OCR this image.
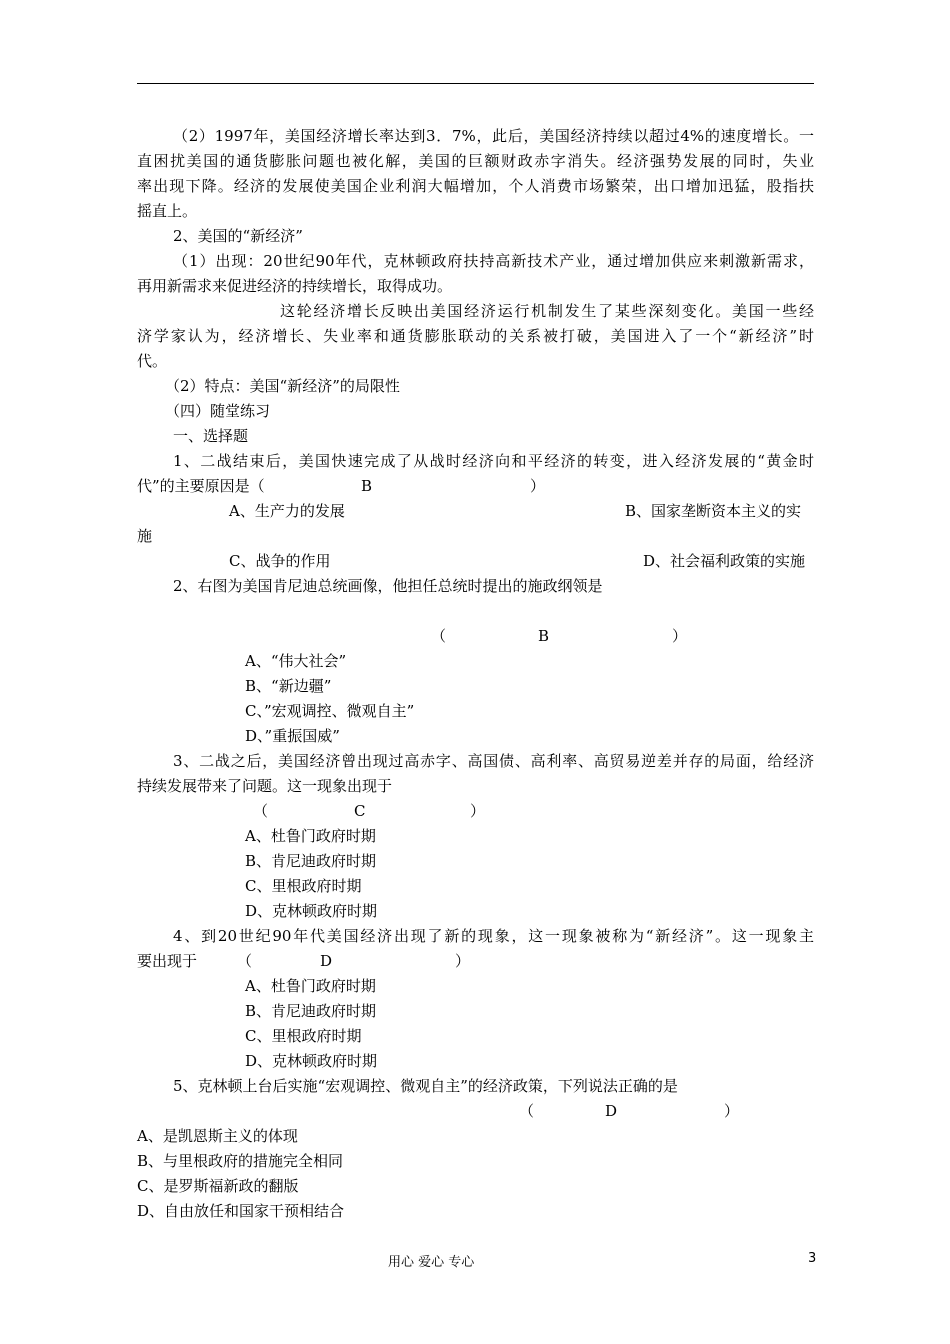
（2）1997年，美国经济增长率达到3．7%，此后，美国经济持续以超过4%的速度增长。一
直困扰美国的通货膨胀问题也被化解，美国的巨额财政赤字消失。经济强势发展的同时，失业
率出现下降。经济的发展使美国企业利润大幅增加，个人消费市场繁荣，出口增加迅猛，股指扶
摇直上。
2、美国的“新经济”
（1）出现：20世纪90年代，克林顿政府扶持高新技术产业，通过增加供应来刺激新需求，
再用新需求来促进经济的持续增长，取得成功。
这轮经济增长反映出美国经济运行机制发生了某些深刻变化。美国一些经
济学家认为，经济增长、失业率和通货膨胀联动的关系被打破，美国进入了一个“新经济”时
代。
（2）特点：美国“新经济”的局限性
（四）随堂练习
一、选择题
1、二战结束后，美国快速完成了从战时经济向和平经济的转变，进入经济发展的“黄金时
代”的主要原因是（	B	）
A、生产力的发展	B、国家垄断资本主义的实
施
C、战争的作用	D、社会福利政策的实施
2、右图为美国肯尼迪总统画像，他担任总统时提出的施政纲领是
（	B	）
A、“伟大社会”
B、“新边疆”
C、”宏观调控、微观自主”
D、”重振国威”
3、二战之后，美国经济曾出现过高赤字、高国债、高利率、高贸易逆差并存的局面，给经济
持续发展带来了问题。这一现象出现于
（	C	）
A、杜鲁门政府时期
B、肯尼迪政府时期
C、里根政府时期
D、克林顿政府时期
4、到20世纪90年代美国经济出现了新的现象，这一现象被称为“新经济”。这一现象主
要出现于	（	D	）
A、杜鲁门政府时期
B、肯尼迪政府时期
C、里根政府时期
D、克林顿政府时期
5、克林顿上台后实施“宏观调控、微观自主”的经济政策，下列说法正确的是
（	D	）
A、是凯恩斯主义的体现
B、与里根政府的措施完全相同
C、是罗斯福新政的翻版
D、自由放任和国家干预相结合
用心 爱心 专心	3
